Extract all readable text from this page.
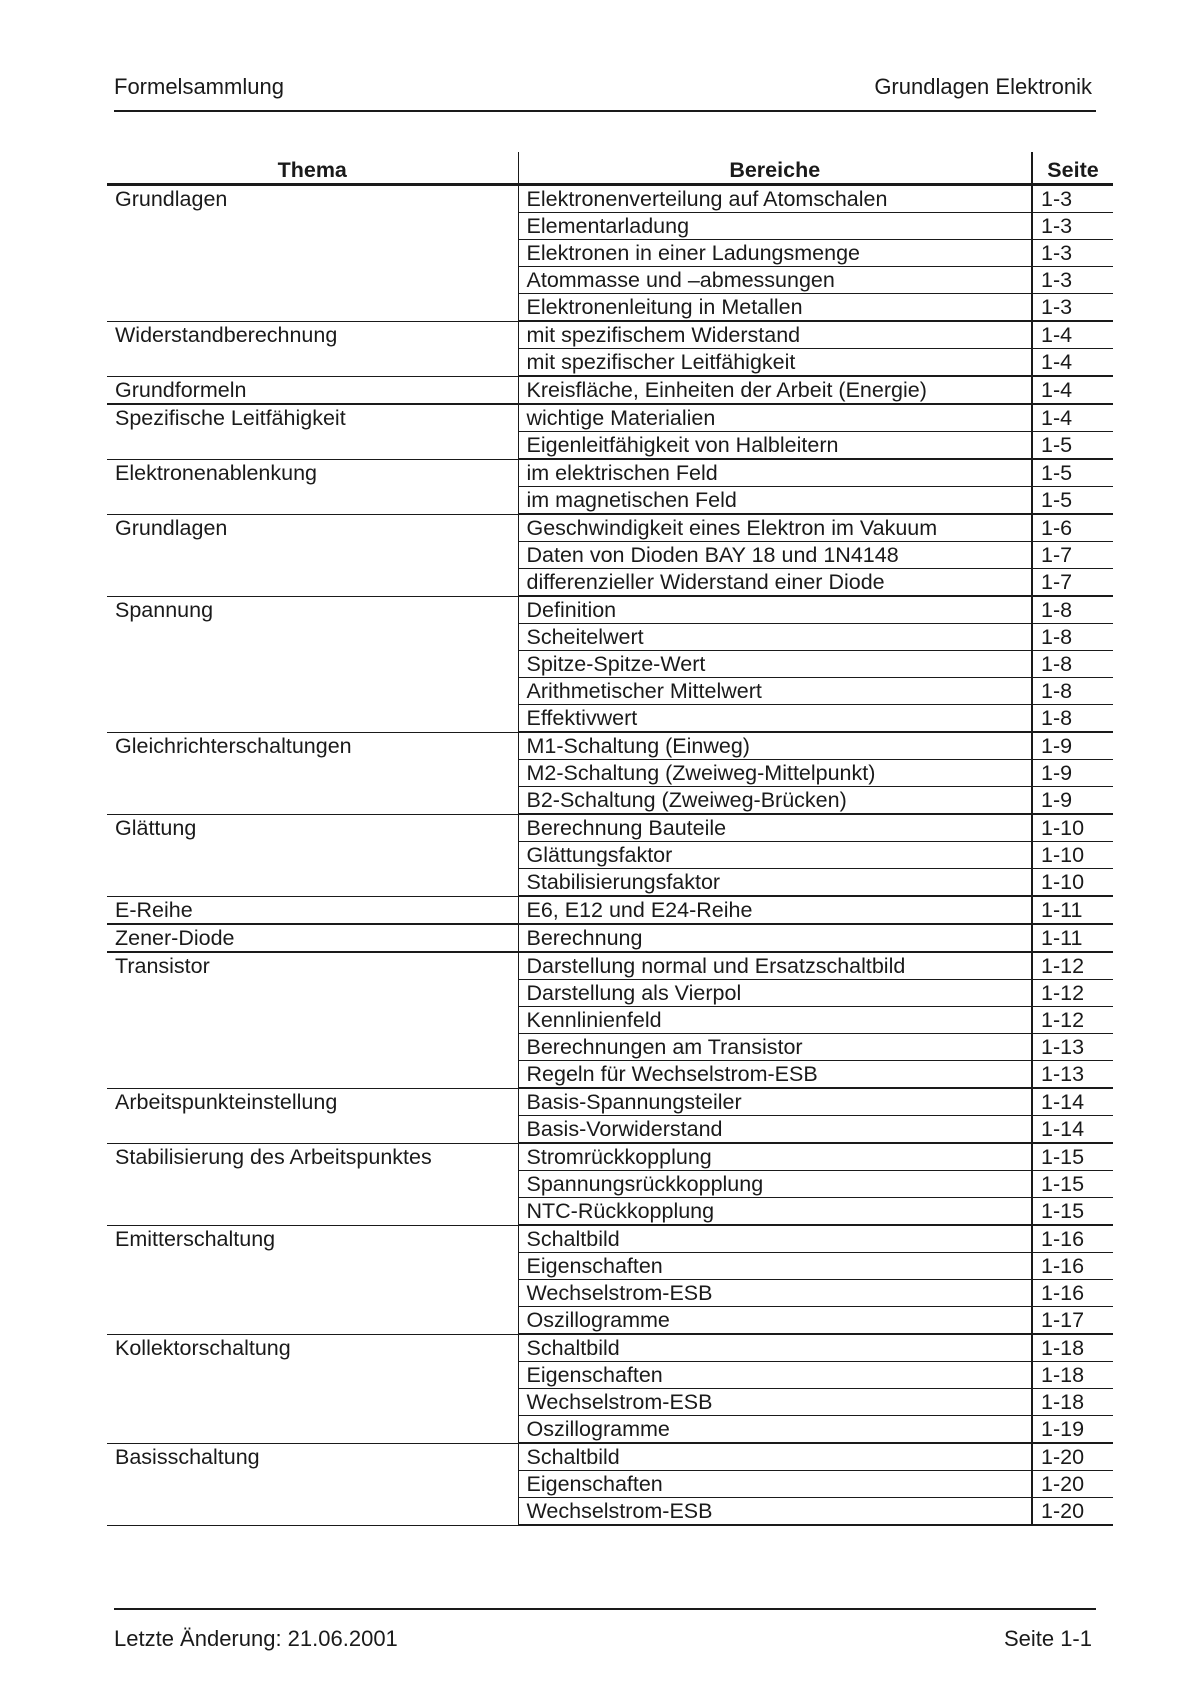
Formelsammlung	Grundlagen Elektronik
Thema	Bereiche	Seite
Grundlagen	Elektronenverteilung auf Atomschalen	1-3
	Elementarladung	1-3
	Elektronen in einer Ladungsmenge	1-3
	Atommasse und –abmessungen	1-3
	Elektronenleitung in Metallen	1-3
Widerstandberechnung	mit spezifischem Widerstand	1-4
	mit spezifischer Leitfähigkeit	1-4
Grundformeln	Kreisfläche, Einheiten der Arbeit (Energie)	1-4
Spezifische Leitfähigkeit	wichtige Materialien	1-4
	Eigenleitfähigkeit von Halbleitern	1-5
Elektronenablenkung	im elektrischen Feld	1-5
	im magnetischen Feld	1-5
Grundlagen	Geschwindigkeit eines Elektron im Vakuum	1-6
	Daten von Dioden BAY 18 und 1N4148	1-7
	differenzieller Widerstand einer Diode	1-7
Spannung	Definition	1-8
	Scheitelwert	1-8
	Spitze-Spitze-Wert	1-8
	Arithmetischer Mittelwert	1-8
	Effektivwert	1-8
Gleichrichterschaltungen	M1-Schaltung (Einweg)	1-9
	M2-Schaltung (Zweiweg-Mittelpunkt)	1-9
	B2-Schaltung (Zweiweg-Brücken)	1-9
Glättung	Berechnung Bauteile	1-10
	Glättungsfaktor	1-10
	Stabilisierungsfaktor	1-10
E-Reihe	E6, E12 und E24-Reihe	1-11
Zener-Diode	Berechnung	1-11
Transistor	Darstellung normal und Ersatzschaltbild	1-12
	Darstellung als Vierpol	1-12
	Kennlinienfeld	1-12
	Berechnungen am Transistor	1-13
	Regeln für Wechselstrom-ESB	1-13
Arbeitspunkteinstellung	Basis-Spannungsteiler	1-14
	Basis-Vorwiderstand	1-14
Stabilisierung des Arbeitspunktes	Stromrückkopplung	1-15
	Spannungsrückkopplung	1-15
	NTC-Rückkopplung	1-15
Emitterschaltung	Schaltbild	1-16
	Eigenschaften	1-16
	Wechselstrom-ESB	1-16
	Oszillogramme	1-17
Kollektorschaltung	Schaltbild	1-18
	Eigenschaften	1-18
	Wechselstrom-ESB	1-18
	Oszillogramme	1-19
Basisschaltung	Schaltbild	1-20
	Eigenschaften	1-20
	Wechselstrom-ESB	1-20
Letzte Änderung: 21.06.2001	Seite 1-1
